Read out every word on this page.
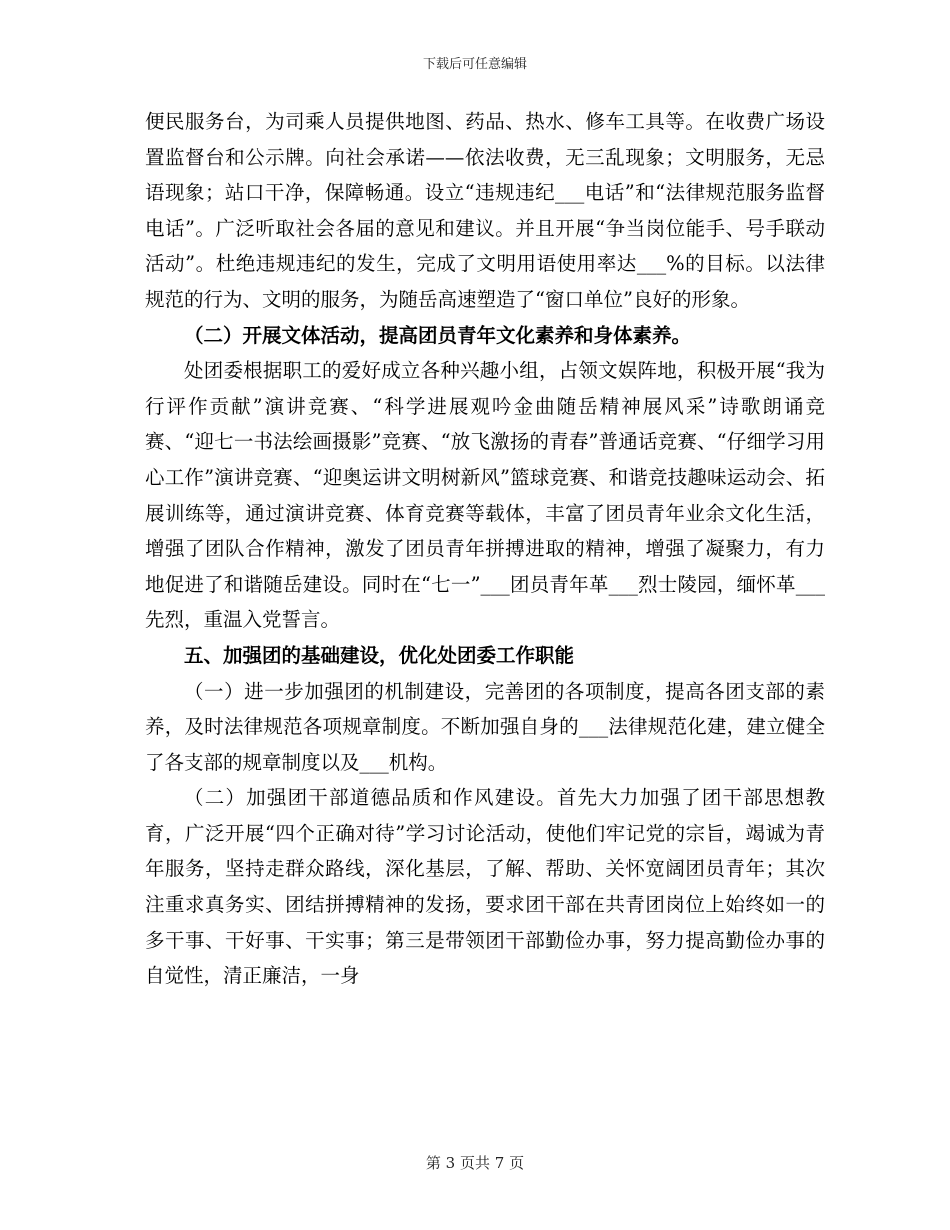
下载后可任意编辑

便民服务台，为司乘人员提供地图、药品、热水、修车工具等。在收费广场设置监督台和公示牌。向社会承诺——依法收费，无三乱现象；文明服务，无忌语现象；站口干净，保障畅通。设立“违规违纪___电话”和“法律规范服务监督电话”。广泛听取社会各届的意见和建议。并且开展“争当岗位能手、号手联动活动”。杜绝违规违纪的发生，完成了文明用语使用率达___%的目标。以法律规范的行为、文明的服务，为随岳高速塑造了“窗口单位”良好的形象。

（二）开展文体活动，提高团员青年文化素养和身体素养。

处团委根据职工的爱好成立各种兴趣小组，占领文娱阵地，积极开展“我为行评作贡献”演讲竞赛、“科学进展观吟金曲随岳精神展风采”诗歌朗诵竞赛、“迎七一书法绘画摄影”竞赛、“放飞激扬的青春”普通话竞赛、“仔细学习用心工作”演讲竞赛、“迎奥运讲文明树新风”篮球竞赛、和谐竞技趣味运动会、拓展训练等，通过演讲竞赛、体育竞赛等载体，丰富了团员青年业余文化生活，增强了团队合作精神，激发了团员青年拼搏进取的精神，增强了凝聚力，有力地促进了和谐随岳建设。同时在“七一”___团员青年革___烈士陵园，缅怀革___先烈，重温入党誓言。

五、加强团的基础建设，优化处团委工作职能

（一）进一步加强团的机制建设，完善团的各项制度，提高各团支部的素养，及时法律规范各项规章制度。不断加强自身的___法律规范化建，建立健全了各支部的规章制度以及___机构。

（二）加强团干部道德品质和作风建设。首先大力加强了团干部思想教育，广泛开展“四个正确对待”学习讨论活动，使他们牢记党的宗旨，竭诚为青年服务，坚持走群众路线，深化基层，了解、帮助、关怀宽阔团员青年；其次注重求真务实、团结拼搏精神的发扬，要求团干部在共青团岗位上始终如一的多干事、干好事、干实事；第三是带领团干部勤俭办事，努力提高勤俭办事的自觉性，清正廉洁，一身

第 3 页共 7 页
